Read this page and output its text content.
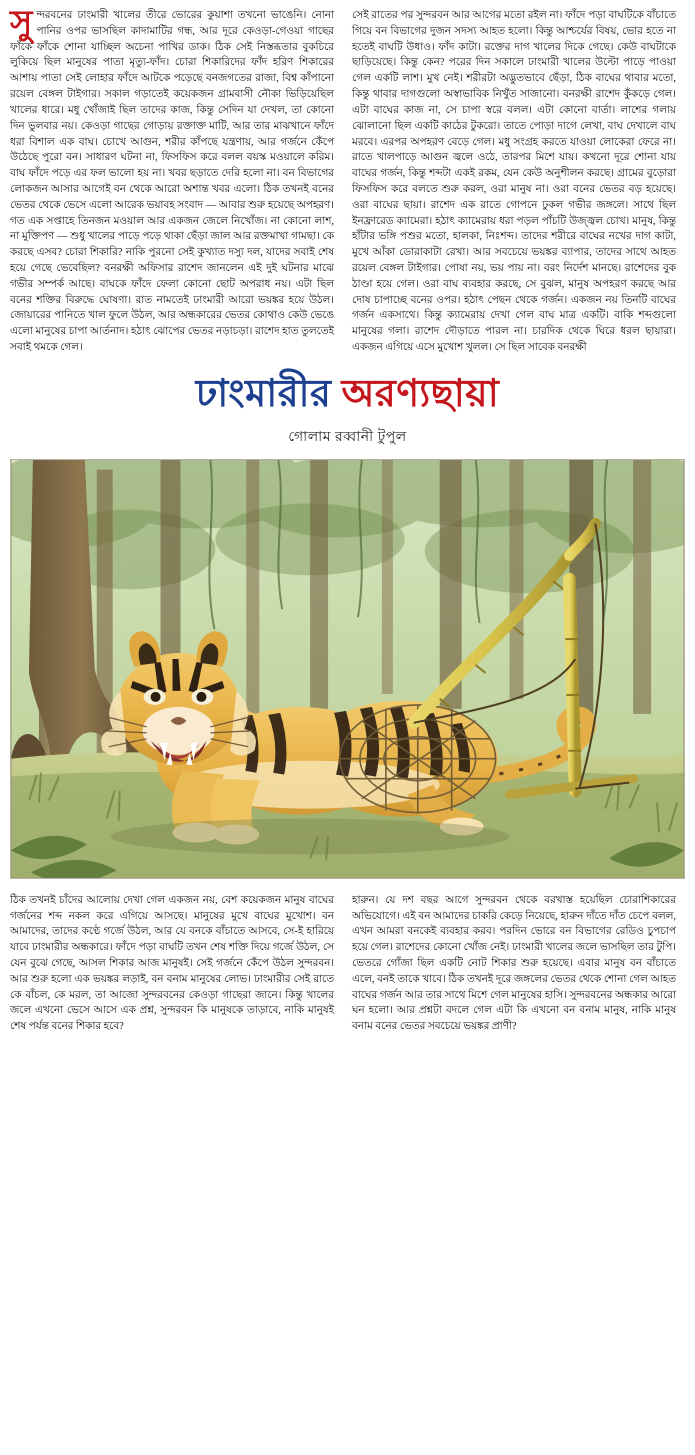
সুন্দরবনের ঢাংমারী খালের তীরে ভোরের কুয়াশা তখনো ভাঙেনি। নোনা পানির ওপর ভাসছিল কাদামাটির গন্ধ, আর দূরে কেওড়া-গেওয়া গাছের ফাঁকে ফাঁকে শোনা যাচ্ছিল অচেনা পাখির ডাক। ঠিক সেই নিস্তব্ধতার বুকচিরে লুকিয়ে ছিল মানুষের পাতা মৃত্যু-ফাঁদ। চোরা শিকারিদের ফাঁদ হরিণ শিকারের আশায় পাতা সেই লোহার ফাঁদে আটকে পড়েছে বনজগতের রাজা, বিশ্ব কাঁপানো রয়েল বেঙ্গল টাইগার। সকাল গড়াতেই কয়েকজন গ্রামবাসী নৌকা ভিড়িয়েছিল খালের ধারে। মধু খোঁজাই ছিল তাদের কাজ, কিন্তু সেদিন যা দেখল, তা কোনো দিন ভুলবার নয়। কেওড়া গাছের গোড়ায় রক্তাক্ত মাটি, আর তার মাঝখানে ফাঁদে ধরা বিশাল এক বাঘ। চোখে আগুন, শরীর কাঁপছে যন্ত্রণায়, আর গর্জনে কেঁপে উঠেছে পুরো বন। সাধারণ ঘটনা না, ফিসফিস করে বলল বয়স্ক মওয়ালে করিম। বাঘ ফাঁদে পড়ে এর ফল ভালো হয় না। খবর ছড়াতে দেরি হলো না। বন বিভাগের লোকজন আসার আগেই বন থেকে আরো অশান্ত খবর এলো। ঠিক তখনই বনের ভেতর থেকে ভেসে এলো আরেক ভয়াবহ সংবাদ — আবার শুরু হয়েছে অপহরণ। গত এক সপ্তাহে তিনজন মওয়াল আর একজন জেলে নিখোঁজ। না কোনো লাশ, না মুক্তিপণ — শুধু খালের পাড়ে পড়ে থাকা ছেঁড়া জাল আর রক্তমাখা গামছা। কে করছে এসব? চোরা শিকারি? নাকি পুরনো সেই কুখ্যাত দস্যু দল, যাদের সবাই শেষ হয়ে গেছে ভেবেছিল? বনরক্ষী অফিসার রাশেদ জানলেন এই দুই ঘটনার মাঝে গভীর সম্পর্ক আছে। বাঘকে ফাঁদে ফেলা কোনো ছোট অপরাধ নয়। এটা ছিল বনের শক্তির বিরুদ্ধে ঘোষণা। রাত নামতেই ঢাংমারী আরো ভয়ঙ্কর হয়ে উঠল। জোয়ারের পানিতে খাল ফুলে উঠল, আর অন্ধকারের ভেতর কোথাও কেউ ভেঙে এলো মানুষের চাপা আর্তনাদ। হঠাৎ ঝোপের ভেতর নড়াচড়া। রাশেদ হাত তুলতেই সবাই থমকে গেল।

সেই রাতের পর সুন্দরবন আর আগের মতো রইল না। ফাঁদে পড়া বাঘটিকে বাঁচাতে গিয়ে বন বিভাগের দুজন সদস্য আহত হলো। কিন্তু আশ্চর্যের বিষয়, ভোর হতে না হতেই বাঘটি উধাও। ফাঁদ কাটা। রক্তের দাগ খালের দিকে গেছে। কেউ বাঘটাকে ছাড়িয়েছে। কিন্তু কেন? পরের দিন সকালে ঢাংমারী খালের উল্টো পাড়ে পাওয়া গেল একটি লাশ। মুখ নেই। শরীরটা অদ্ভুতভাবে ছেঁড়া, ঠিক বাঘের থাবার মতো, কিন্তু থাবার দাগগুলো অস্বাভাবিক নিখুঁত সাজানো। বনরক্ষী রাশেদ কুঁকড়ে গেল। এটা বাঘের কাজ না, সে চাপা স্বরে বলল। এটা কোনো বার্তা। লাশের গলায় ঝোলানো ছিল একটি কাঠের টুকরো। তাতে পোড়া দাগে লেখা, বাঘ দেখালে বাঘ মরবে। এরপর অপহরণ বেড়ে গেল। মধু সংগ্রহ করতে যাওয়া লোকেরা ফেরে না। রাতে খালপাড়ে আগুন জ্বলে ওঠে, তারপর মিশে যায়। কখনো দূরে শোনা যায় বাঘের গর্জন, কিন্তু শব্দটা একই রকম, যেন কেউ অনুশীলন করছে। গ্রামের বুড়োরা ফিসফিস করে বলতে শুরু করল, ওরা মানুষ না। ওরা বনের ভেতর বড় হয়েছে। ওরা বাঘের ছায়া। রাশেদ এক রাতে গোপনে ঢুকল গভীর জঙ্গলে। সাথে ছিল ইনফ্রারেড ক্যামেরা। হঠাৎ ক্যামেরায় ধরা পড়ল পাঁচটি উজ্জ্বল চোখ। মানুষ, কিন্তু হাঁটার ভঙ্গি পশুর মতো, হালকা, নিঃশব্দ। তাদের শরীরে বাঘের নখের দাগ কাটা, মুখে আঁকা ডোরাকাটা রেখা। আর সবচেয়ে ভয়ঙ্কর ব্যাপার, তাদের সাথে আহত রয়েল বেঙ্গল টাইগার। পোষা নয়, ভয় পায় না। বরং নির্দেশ মানছে। রাশেদের বুক ঠাণ্ডা হয়ে গেল। ওরা বাঘ ব্যবহার করছে, সে বুঝল, মানুষ অপহরণ করছে আর দোষ চাপাচ্ছে বনের ওপর। হঠাৎ পেছন থেকে গর্জন। একজন নয় তিনটি বাঘের গর্জন একসাথে। কিন্তু ক্যামেরায় দেখা গেল বাঘ মাত্র একটি। বাকি শব্দগুলো মানুষের গলা। রাশেদ দৌড়াতে পারল না। চারদিক থেকে ঘিরে ধরল ছায়ারা। একজন এগিয়ে এসে মুখোশ খুলল। সে ছিল সাবেক বনরক্ষী

ঢাংমারীর অরণ্যছায়া
গোলাম রব্বানী টুপুল

ঠিক তখনই চাঁদের আলোয় দেখা গেল একজন নয়, বেশ কয়েকজন মানুষ বাঘের গর্জনের শব্দ নকল করে এগিয়ে আসছে। মানুষের মুখে বাঘের মুখোশ। বন আমাদের, তাদের কণ্ঠে গর্জে উঠল, আর যে বনকে বাঁচাতে আসবে, সে-ই হারিয়ে যাবে ঢাংমারীর অন্ধকারে। ফাঁদে পড়া বাঘটি তখন শেষ শক্তি দিয়ে গর্জে উঠল, সে যেন বুঝে গেছে, আসল শিকার আজ মানুষই। সেই গর্জনে কেঁপে উঠল সুন্দরবন। আর শুরু হলো এক ভয়ঙ্কর লড়াই, বন বনাম মানুষের লোভ। ঢাংমারীর সেই রাতে কে বাঁচল, কে মরল, তা আজো সুন্দরবনের কেওড়া গাছেরা জানে। কিন্তু খালের জলে এখনো ভেসে আসে এক প্রশ্ন, সুন্দরবন কি মানুষকে তাড়াবে, নাকি মানুষই শেষ পর্যন্ত বনের শিকার হবে?

হারুন। যে দশ বছর আগে সুন্দরবন থেকে বরখাস্ত হয়েছিল চোরাশিকারের অভিযোগে। এই বন আমাদের চাকরি কেড়ে নিয়েছে, হারুন দাঁতে দাঁত চেপে বলল, এখন আমরা বনকেই ব্যবহার করব। পরদিন ভোরে বন বিভাগের রেডিও চুপচাপ হয়ে গেল। রাশেদের কোনো খোঁজ নেই। ঢাংমারী খালের জলে ভাসছিল তার টুপি। ভেতরে গোঁজা ছিল একটি নোট শিকার শুরু হয়েছে। এবার মানুষ বন বাঁচাতে এলে, বনই তাকে খাবে। ঠিক তখনই দূরে জঙ্গলের ভেতর থেকে শোনা গেল আহত বাঘের গর্জন আর তার সাথে মিশে গেল মানুষের হাসি। সুন্দরবনের অন্ধকার আরো ঘন হলো। আর প্রশ্নটা বদলে গেল এটা কি এখনো বন বনাম মানুষ, নাকি মানুষ বনাম বনের ভেতর সবচেয়ে ভয়ঙ্কর প্রাণী?
